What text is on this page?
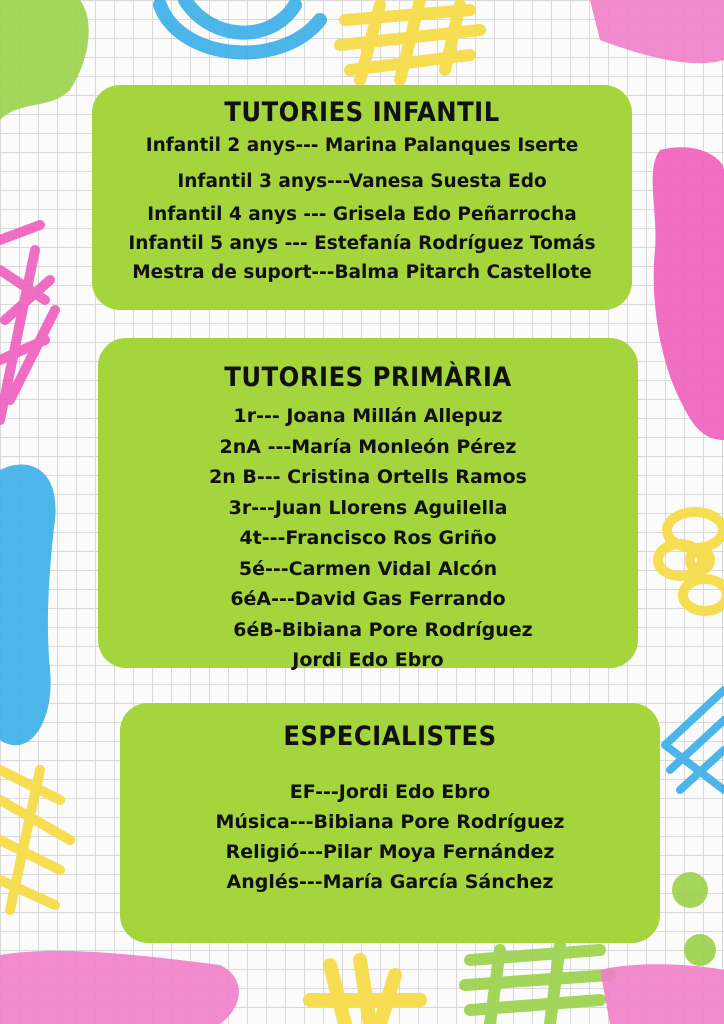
TUTORIES INFANTIL
Infantil 2 anys--- Marina Palanques Iserte
Infantil 3 anys---Vanesa Suesta Edo
Infantil 4 anys --- Grisela Edo Peñarrocha
Infantil 5 anys --- Estefanía Rodríguez Tomás
Mestra de suport---Balma Pitarch Castellote
TUTORIES PRIMÀRIA
1r--- Joana Millán Allepuz
2nA ---María Monleón Pérez
2n B--- Cristina Ortells Ramos
3r---Juan Llorens Aguilella
4t---Francisco Ros Griño
5é---Carmen Vidal Alcón
6éA---David Gas Ferrando
6éB-Bibiana Pore Rodríguez
Jordi Edo Ebro
ESPECIALISTES
EF---Jordi Edo Ebro
Música---Bibiana Pore Rodríguez
Religió---Pilar Moya Fernández
Anglés---María García Sánchez
